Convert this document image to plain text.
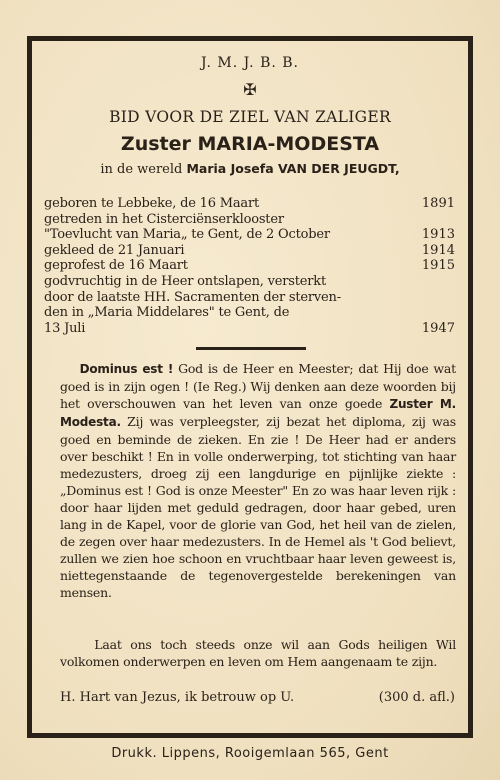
J. M. J. B. B.
✠
BID VOOR DE ZIEL VAN ZALIGER
Zuster MARIA-MODESTA
in de wereld Maria Josefa VAN DER JEUGDT,
geboren te Lebbeke, de 16 Maart	1891
getreden in het Cisterciënserklooster
"Toevlucht van Maria„ te Gent, de 2 October	1913
gekleed de 21 Januari	1914
geprofest de 16 Maart	1915
godvruchtig in de Heer ontslapen, versterkt
door de laatste HH. Sacramenten der sterven-
den in „Maria Middelares" te Gent, de
13 Juli	1947
Dominus est ! God is de Heer en Meester; dat Hij doe wat goed is in zijn ogen ! (Ie Reg.) Wij denken aan deze woorden bij het overschouwen van het leven van onze goede Zuster M. Modesta. Zij was verpleegster, zij bezat het diploma, zij was goed en beminde de zieken. En zie ! De Heer had er anders over beschikt ! En in volle onderwerping, tot stichting van haar medezusters, droeg zij een langdurige en pijnlijke ziekte : „Dominus est ! God is onze Meester" En zo was haar leven rijk : door haar lijden met geduld gedragen, door haar gebed, uren lang in de Kapel, voor de glorie van God, het heil van de zielen, de zegen over haar medezusters. In de Hemel als 't God believt, zullen we zien hoe schoon en vruchtbaar haar leven geweest is, niettegenstaande de tegenovergestelde berekeningen van mensen.
Laat ons toch steeds onze wil aan Gods heiligen Wil volkomen onderwerpen en leven om Hem aangenaam te zijn.
H. Hart van Jezus, ik betrouw op U.	(300 d. afl.)
Drukk. Lippens, Rooigemlaan 565, Gent
